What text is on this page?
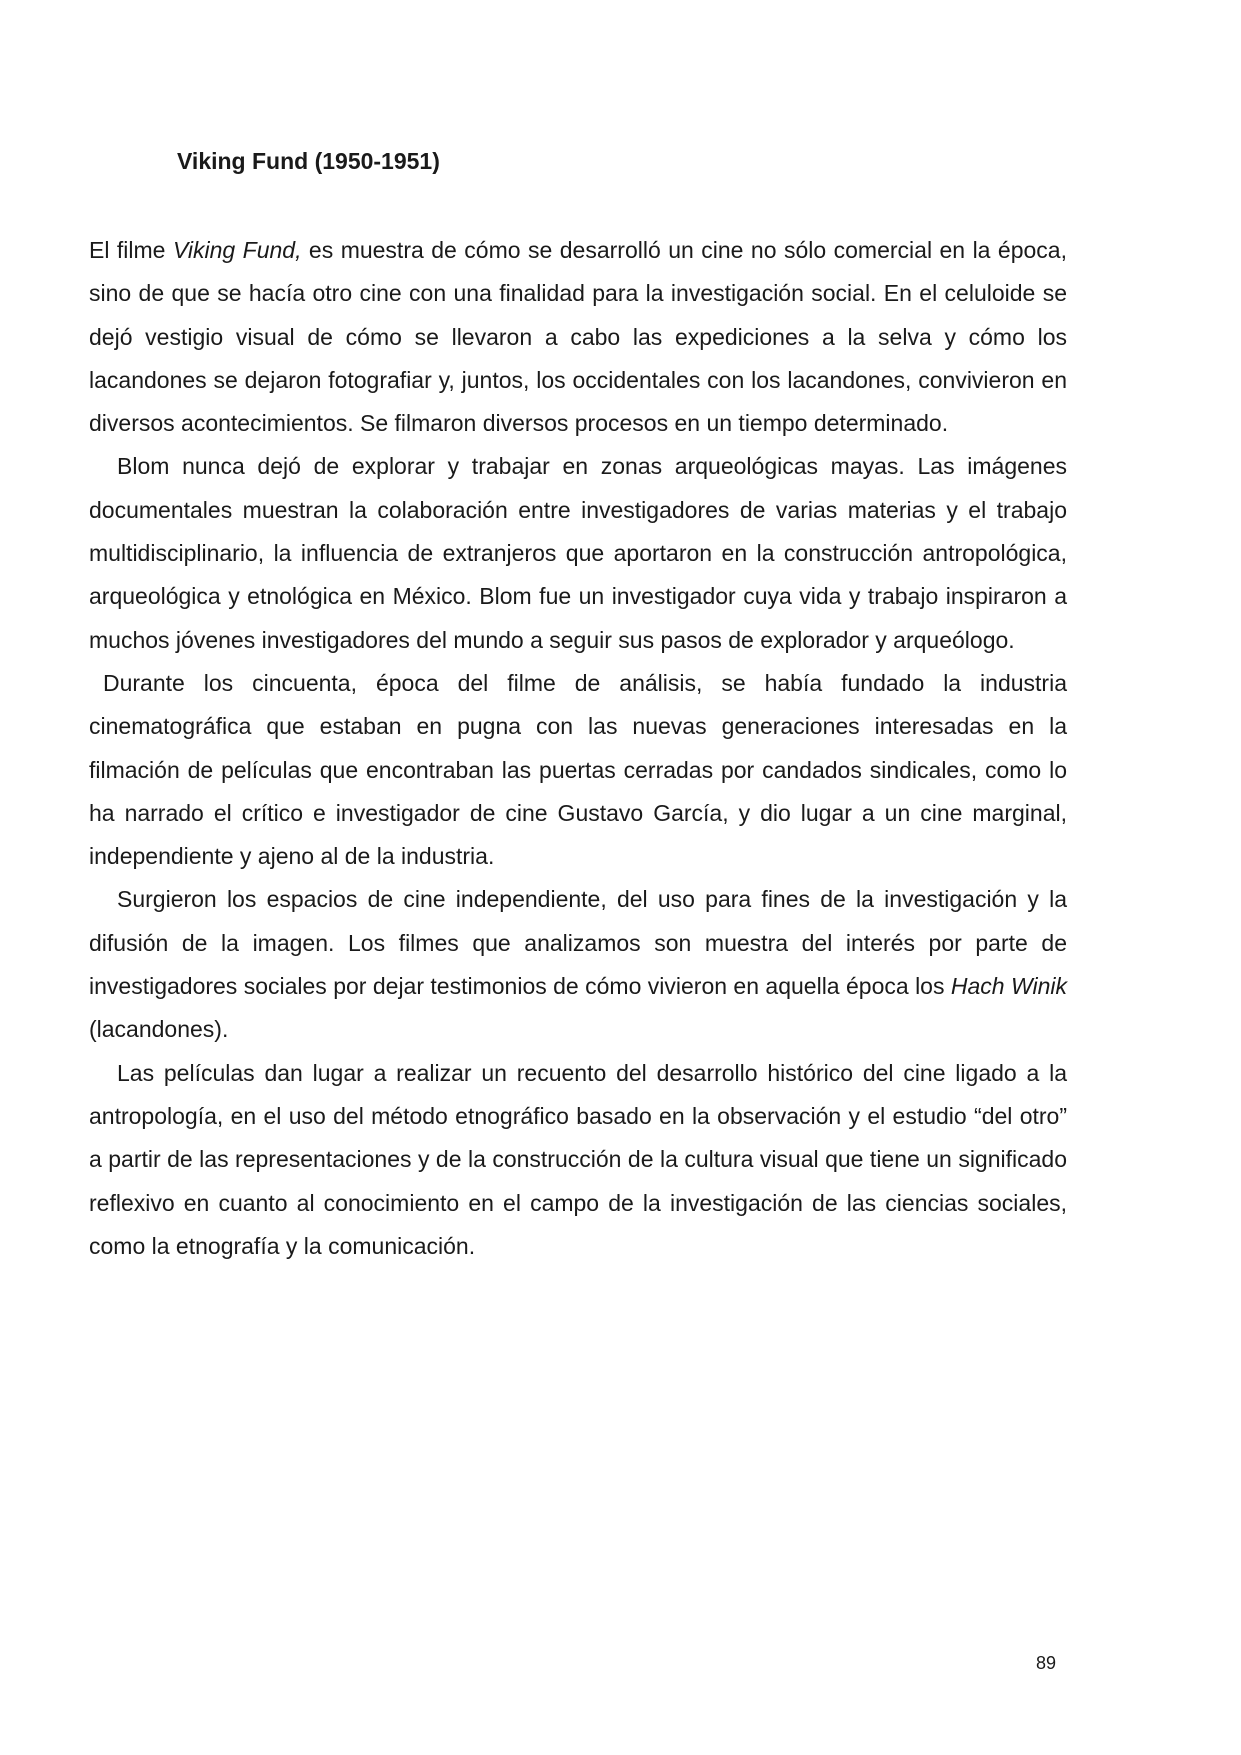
Viking Fund (1950-1951)

El filme Viking Fund, es muestra de cómo se desarrolló un cine no sólo comercial en la época, sino de que se hacía otro cine con una finalidad para la investigación social. En el celuloide se dejó vestigio visual de cómo se llevaron a cabo las expediciones a la selva y cómo los lacandones se dejaron fotografiar y, juntos, los occidentales con los lacandones, convivieron en diversos acontecimientos. Se filmaron diversos procesos en un tiempo determinado.

Blom nunca dejó de explorar y trabajar en zonas arqueológicas mayas. Las imágenes documentales muestran la colaboración entre investigadores de varias materias y el trabajo multidisciplinario, la influencia de extranjeros que aportaron en la construcción antropológica, arqueológica y etnológica en México. Blom fue un investigador cuya vida y trabajo inspiraron a muchos jóvenes investigadores del mundo a seguir sus pasos de explorador y arqueólogo.

Durante los cincuenta, época del filme de análisis, se había fundado la industria cinematográfica que estaban en pugna con las nuevas generaciones interesadas en la filmación de películas que encontraban las puertas cerradas por candados sindicales, como lo ha narrado el crítico e investigador de cine Gustavo García, y dio lugar a un cine marginal, independiente y ajeno al de la industria.

Surgieron los espacios de cine independiente, del uso para fines de la investigación y la difusión de la imagen. Los filmes que analizamos son muestra del interés por parte de investigadores sociales por dejar testimonios de cómo vivieron en aquella época los Hach Winik (lacandones).

Las películas dan lugar a realizar un recuento del desarrollo histórico del cine ligado a la antropología, en el uso del método etnográfico basado en la observación y el estudio “del otro” a partir de las representaciones y de la construcción de la cultura visual que tiene un significado reflexivo en cuanto al conocimiento en el campo de la investigación de las ciencias sociales, como la etnografía y la comunicación.

89
